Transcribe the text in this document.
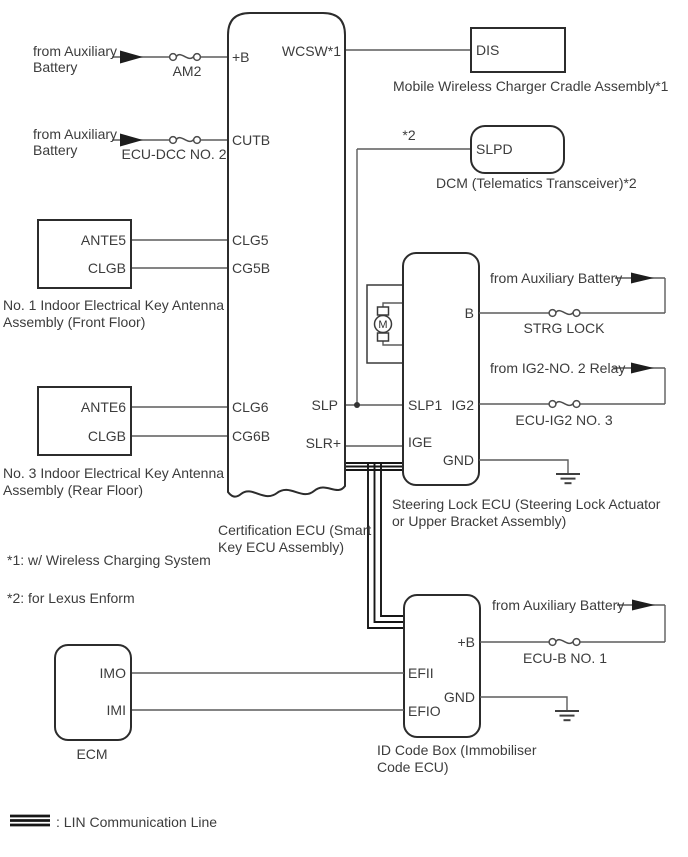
from Auxiliary
Battery	AM2
from Auxiliary
Battery	ECU-DCC NO. 2
*2
+B
CUTB
CLG5
CG5B
CLG6
CG6B
WCSW*1
SLP
SLR+
Certification ECU (Smart
Key ECU Assembly)
DIS
Mobile Wireless Charger Cradle Assembly*1
SLPD
DCM (Telematics Transceiver)*2
ANTE5
CLGB
No. 1 Indoor Electrical Key Antenna
Assembly (Front Floor)
ANTE6
CLGB
No. 3 Indoor Electrical Key Antenna
Assembly (Rear Floor)
M
B
SLP1 IG2
IGE
GND
Steering Lock ECU (Steering Lock Actuator
or Upper Bracket Assembly)
from Auxiliary Battery
STRG LOCK
from IG2-NO. 2 Relay
ECU-IG2 NO. 3
+B
EFII
GND
EFIO
ID Code Box (Immobiliser
Code ECU)
from Auxiliary Battery
ECU-B NO. 1
IMO
IMI
ECM
*1: w/ Wireless Charging System
*2: for Lexus Enform
: LIN Communication Line
